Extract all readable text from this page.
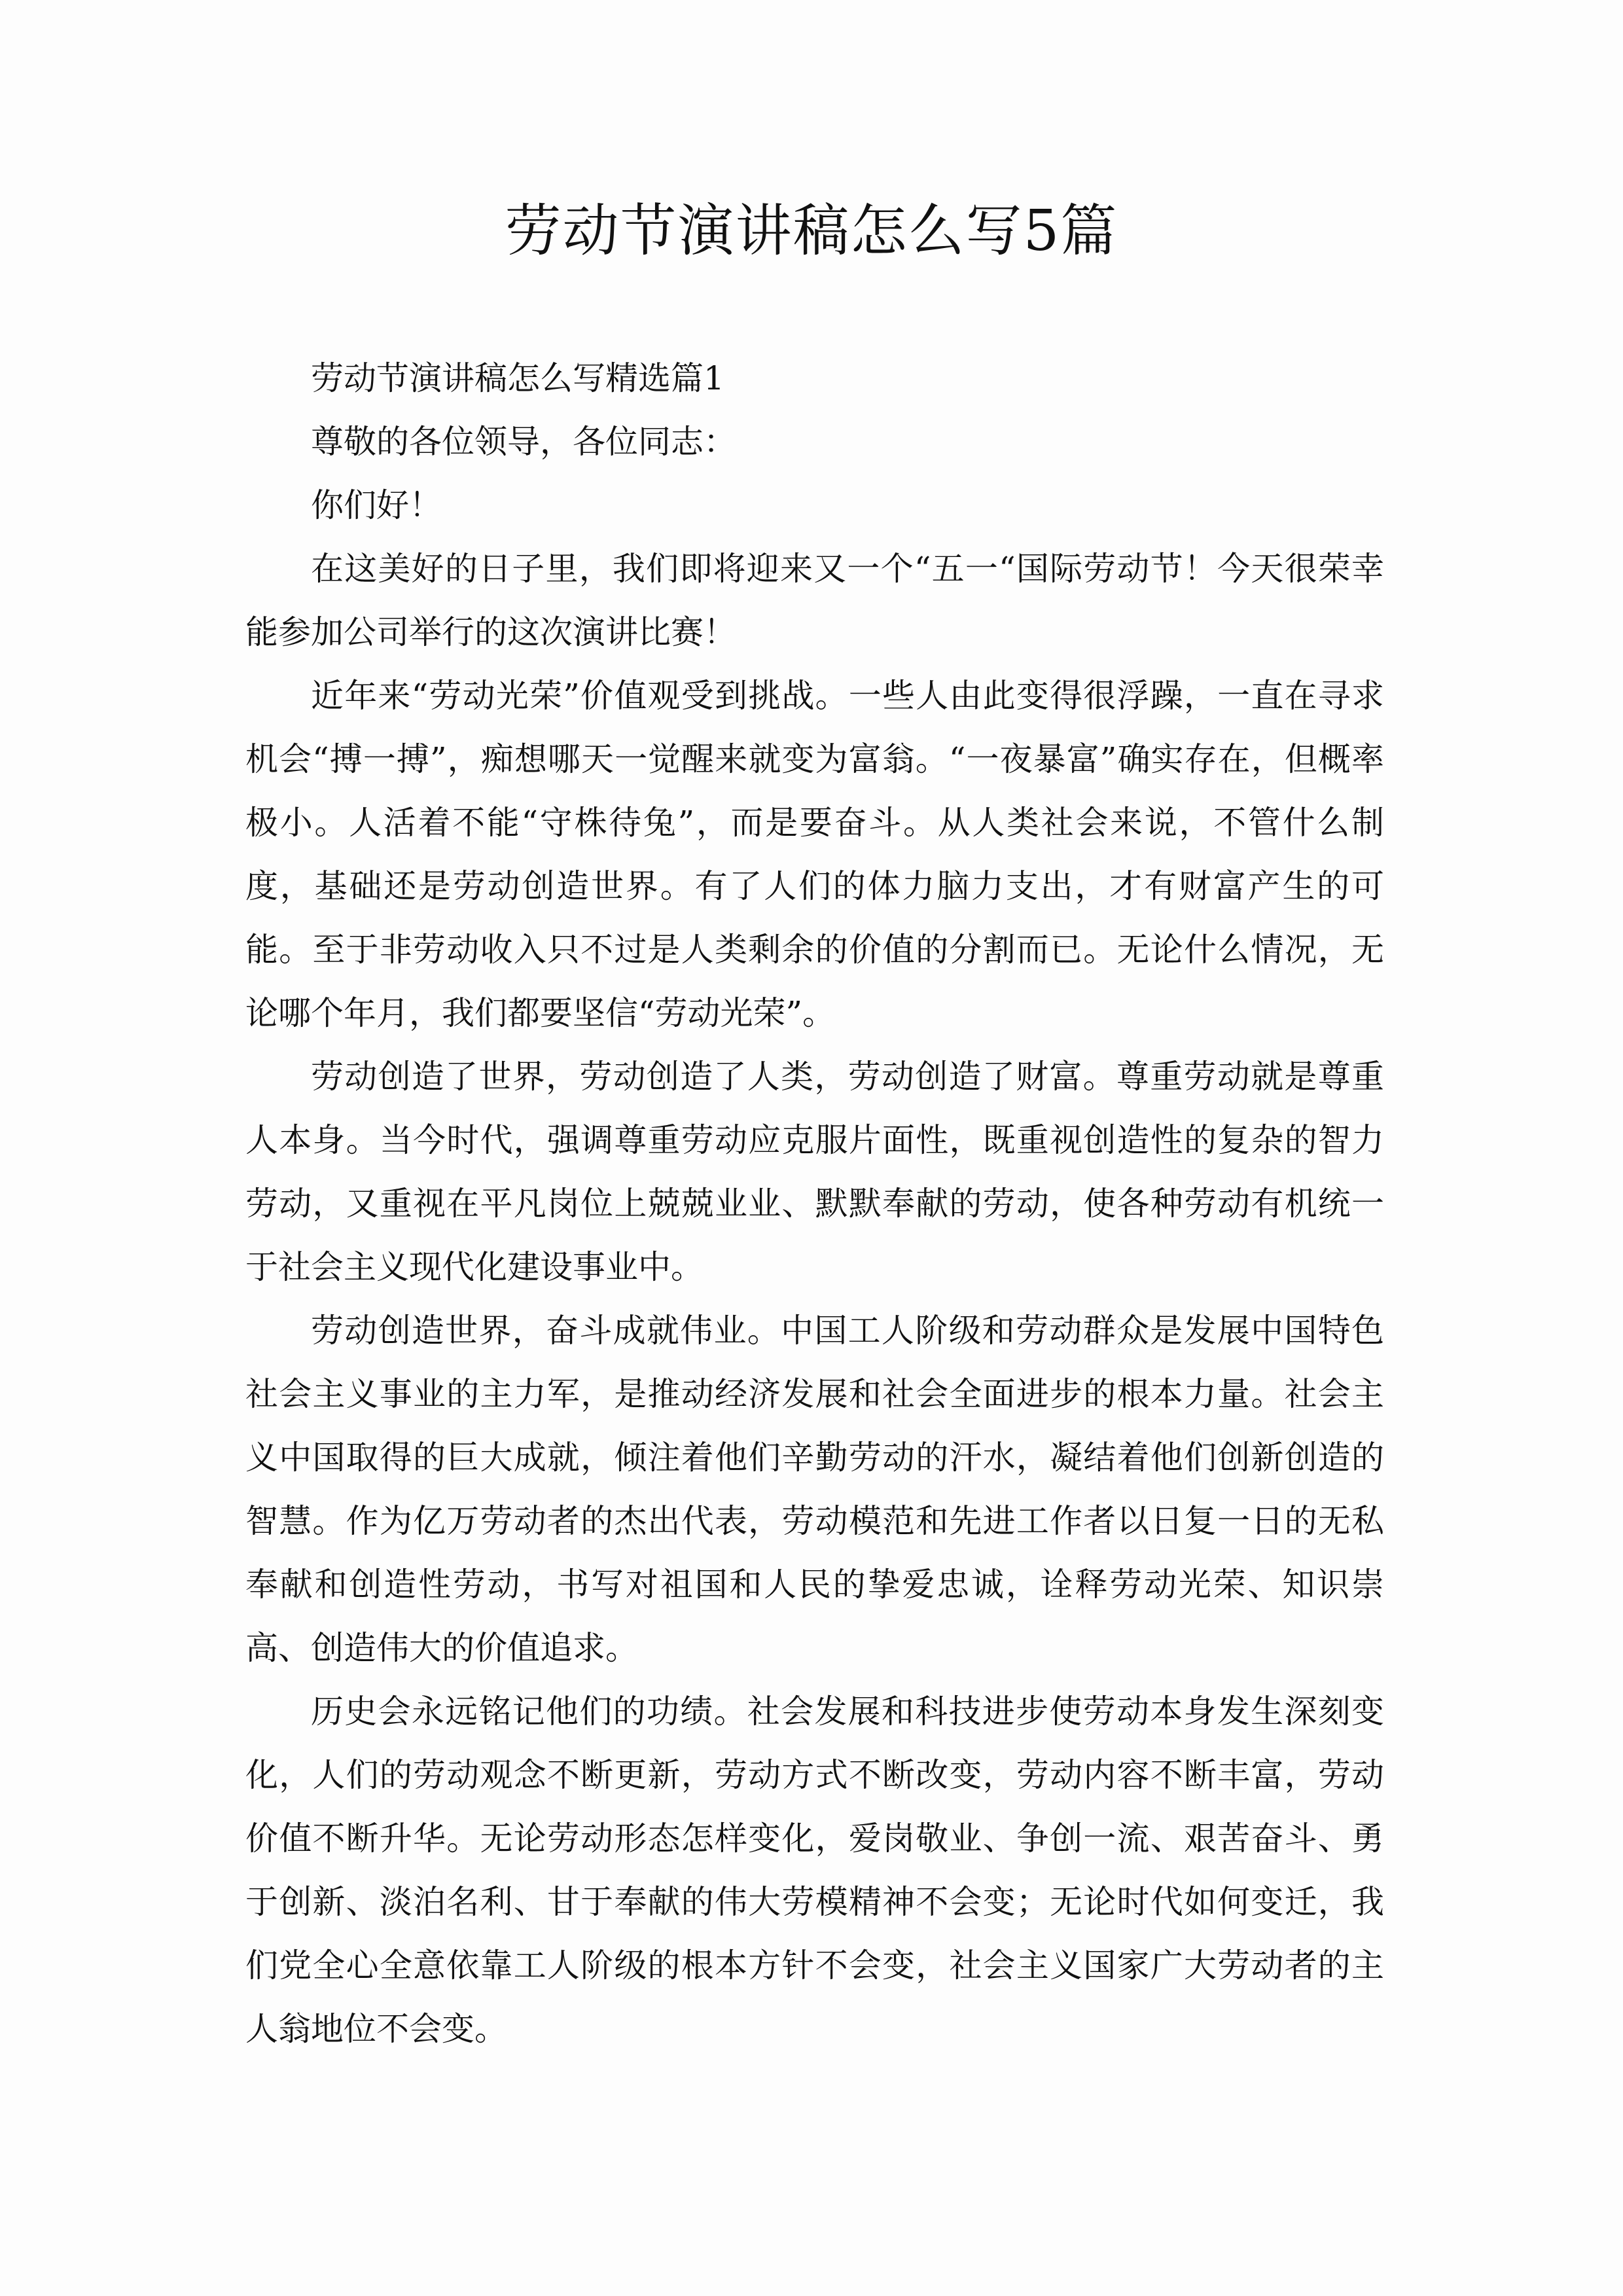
劳动节演讲稿怎么写5篇

劳动节演讲稿怎么写精选篇1

尊敬的各位领导，各位同志：

你们好！

在这美好的日子里，我们即将迎来又一个“五一“国际劳动节！今天很荣幸能参加公司举行的这次演讲比赛！

近年来“劳动光荣”价值观受到挑战。一些人由此变得很浮躁，一直在寻求机会“搏一搏”，痴想哪天一觉醒来就变为富翁。“一夜暴富”确实存在，但概率极小。人活着不能“守株待兔”，而是要奋斗。从人类社会来说，不管什么制度，基础还是劳动创造世界。有了人们的体力脑力支出，才有财富产生的可能。至于非劳动收入只不过是人类剩余的价值的分割而已。无论什么情况，无论哪个年月，我们都要坚信“劳动光荣”。

劳动创造了世界，劳动创造了人类，劳动创造了财富。尊重劳动就是尊重人本身。当今时代，强调尊重劳动应克服片面性，既重视创造性的复杂的智力劳动，又重视在平凡岗位上兢兢业业、默默奉献的劳动，使各种劳动有机统一于社会主义现代化建设事业中。

劳动创造世界，奋斗成就伟业。中国工人阶级和劳动群众是发展中国特色社会主义事业的主力军，是推动经济发展和社会全面进步的根本力量。社会主义中国取得的巨大成就，倾注着他们辛勤劳动的汗水，凝结着他们创新创造的智慧。作为亿万劳动者的杰出代表，劳动模范和先进工作者以日复一日的无私奉献和创造性劳动，书写对祖国和人民的挚爱忠诚，诠释劳动光荣、知识崇高、创造伟大的价值追求。

历史会永远铭记他们的功绩。社会发展和科技进步使劳动本身发生深刻变化，人们的劳动观念不断更新，劳动方式不断改变，劳动内容不断丰富，劳动价值不断升华。无论劳动形态怎样变化，爱岗敬业、争创一流、艰苦奋斗、勇于创新、淡泊名利、甘于奉献的伟大劳模精神不会变；无论时代如何变迁，我们党全心全意依靠工人阶级的根本方针不会变，社会主义国家广大劳动者的主人翁地位不会变。
